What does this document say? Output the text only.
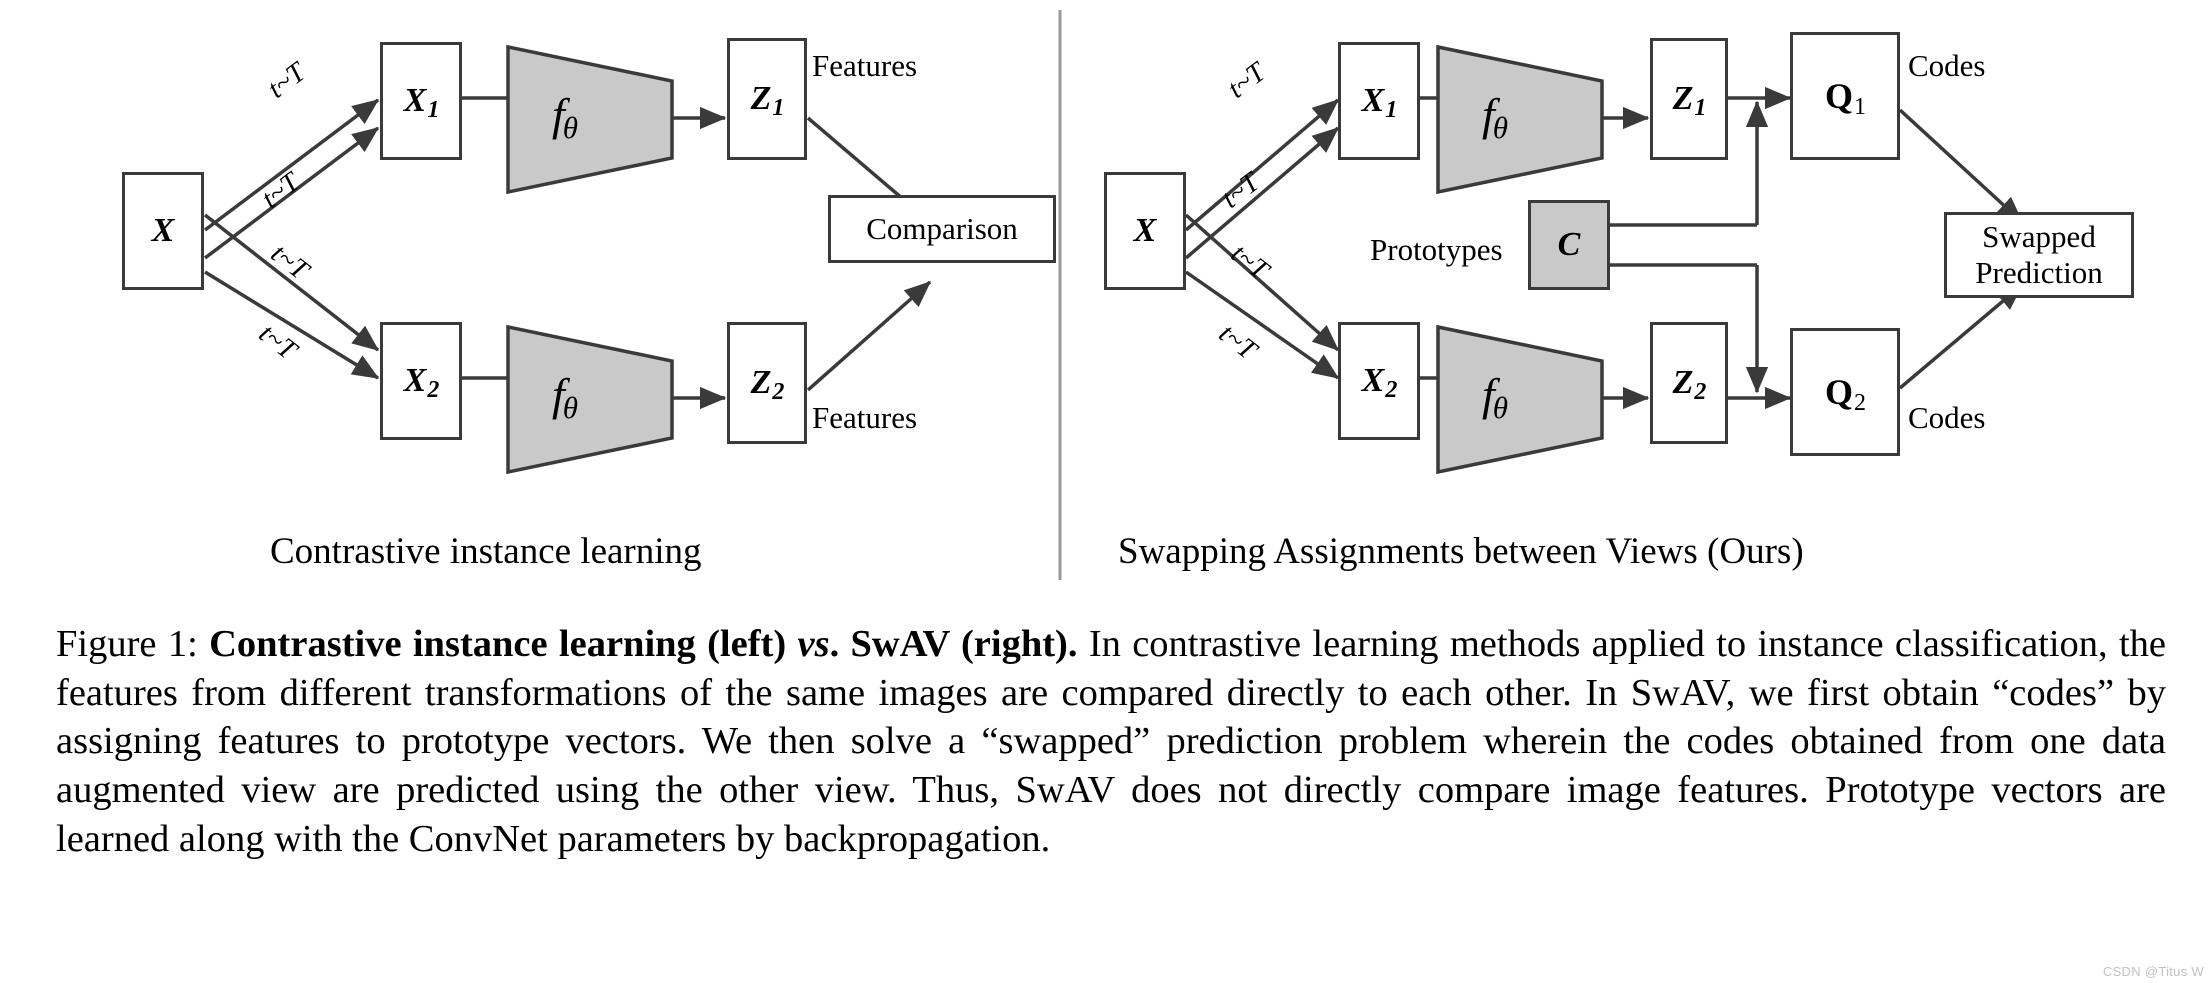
X
X1
X2
fθ
fθ
Z1
Z2
Comparison
t~T
t~T
t~T
t~T
Features
Features
Contrastive instance learning
X
X1
X2
fθ
fθ
Z1
Z2
Q1
Q2
C	Swapped
Prediction
t~T
t~T
t~T
t~T
Codes
Codes
Prototypes
Swapping Assignments between Views (Ours)
Figure 1: Contrastive instance learning (left) vs. SwAV (right). In contrastive learning methods applied to instance classification, the features from different transformations of the same images are compared directly to each other. In SwAV, we first obtain “codes” by assigning features to prototype vectors. We then solve a “swapped” prediction problem wherein the codes obtained from one data augmented view are predicted using the other view. Thus, SwAV does not directly compare image features. Prototype vectors are learned along with the ConvNet parameters by backpropagation.
CSDN @Titus W
